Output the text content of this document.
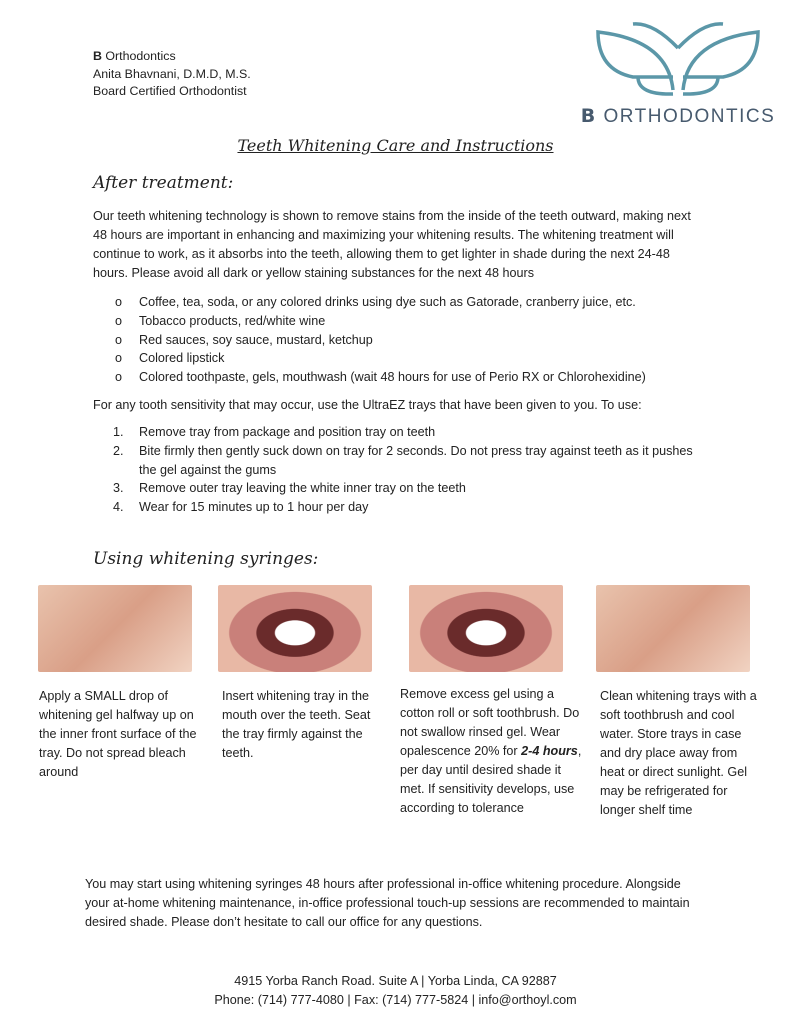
B Orthodontics
Anita Bhavnani, D.M.D, M.S.
Board Certified Orthodontist
B ORTHODONTICS
Teeth Whitening Care and Instructions
After treatment:

Our teeth whitening technology is shown to remove stains from the inside of the teeth outward, making next 48 hours are important in enhancing and maximizing your whitening results. The whitening treatment will continue to work, as it absorbs into the teeth, allowing them to get lighter in shade during the next 24-48 hours. Please avoid all dark or yellow staining substances for the next 48 hours

o Coffee, tea, soda, or any colored drinks using dye such as Gatorade, cranberry juice, etc.
o Tobacco products, red/white wine
o Red sauces, soy sauce, mustard, ketchup
o Colored lipstick
o Colored toothpaste, gels, mouthwash (wait 48 hours for use of Perio RX or Chlorohexidine)

For any tooth sensitivity that may occur, use the UltraEZ trays that have been given to you. To use:

1. Remove tray from package and position tray on teeth
2. Bite firmly then gently suck down on tray for 2 seconds. Do not press tray against teeth as it pushes the gel against the gums
3. Remove outer tray leaving the white inner tray on the teeth
4. Wear for 15 minutes up to 1 hour per day
Using whitening syringes:
Apply a SMALL drop of whitening gel halfway up on the inner front surface of the tray. Do not spread bleach around
Insert whitening tray in the mouth over the teeth. Seat the tray firmly against the teeth.
Remove excess gel using a cotton roll or soft toothbrush. Do not swallow rinsed gel. Wear opalescence 20% for 2-4 hours, per day until desired shade it met. If sensitivity develops, use according to tolerance
Clean whitening trays with a soft toothbrush and cool water. Store trays in case and dry place away from heat or direct sunlight. Gel may be refrigerated for longer shelf time
You may start using whitening syringes 48 hours after professional in-office whitening procedure. Alongside your at-home whitening maintenance, in-office professional touch-up sessions are recommended to maintain desired shade. Please don’t hesitate to call our office for any questions.
4915 Yorba Ranch Road. Suite A | Yorba Linda, CA 92887
Phone: (714) 777-4080 | Fax: (714) 777-5824 | info@orthoyl.com
